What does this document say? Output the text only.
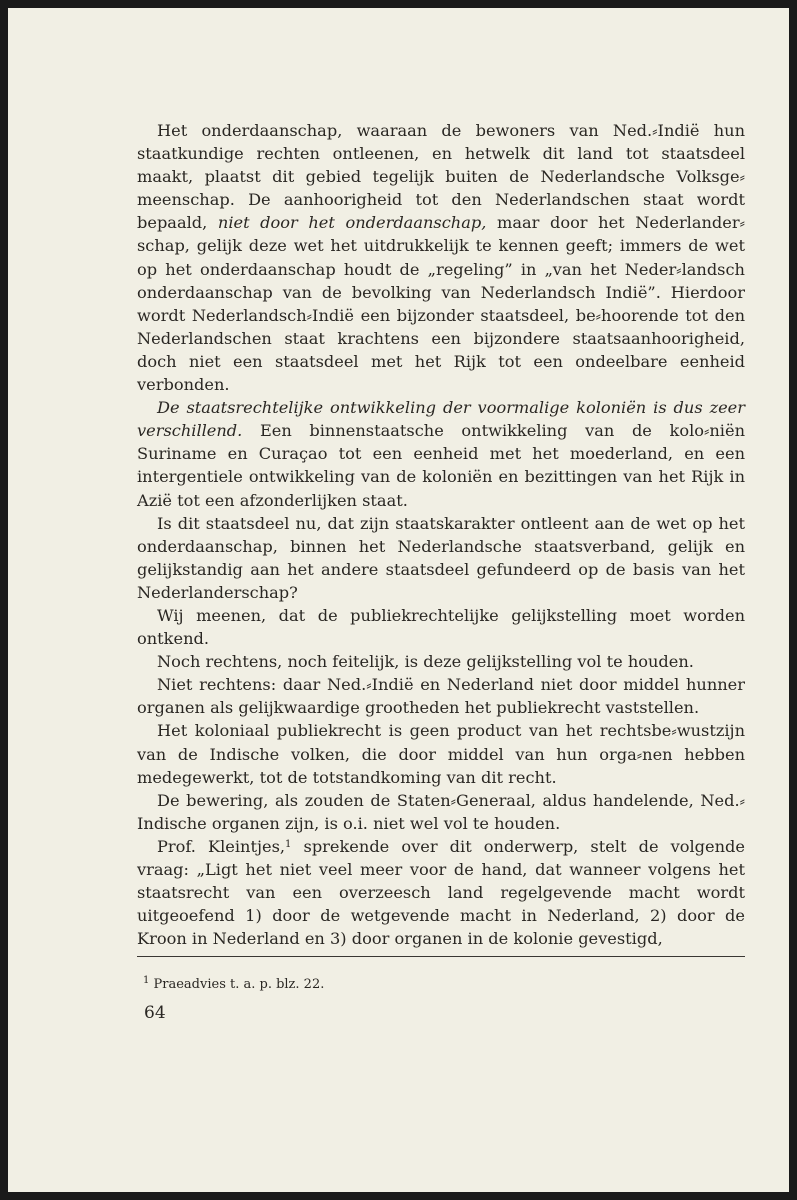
Het onderdaanschap, waaraan de bewoners van Ned.⸗Indië hun staatkundige rechten ontleenen, en hetwelk dit land tot staatsdeel maakt, plaatst dit gebied tegelijk buiten de Nederlandsche Volksge⸗meenschap. De aanhoorigheid tot den Nederlandschen staat wordt bepaald, niet door het onderdaanschap, maar door het Nederlander⸗schap, gelijk deze wet het uitdrukkelijk te kennen geeft; immers de wet op het onderdaanschap houdt de „regeling” in „van het Neder⸗landsch onderdaanschap van de bevolking van Nederlandsch Indië”. Hierdoor wordt Nederlandsch⸗Indië een bijzonder staatsdeel, be⸗hoorende tot den Nederlandschen staat krachtens een bijzondere staatsaanhoorigheid, doch niet een staatsdeel met het Rijk tot een ondeelbare eenheid verbonden.

De staatsrechtelijke ontwikkeling der voormalige koloniën is dus zeer verschillend. Een binnenstaatsche ontwikkeling van de kolo⸗niën Suriname en Curaçao tot een eenheid met het moederland, en een intergentiele ontwikkeling van de koloniën en bezittingen van het Rijk in Azië tot een afzonderlijken staat.

Is dit staatsdeel nu, dat zijn staatskarakter ontleent aan de wet op het onderdaanschap, binnen het Nederlandsche staatsverband, gelijk en gelijkstandig aan het andere staatsdeel gefundeerd op de basis van het Nederlanderschap?

Wij meenen, dat de publiekrechtelijke gelijkstelling moet worden ontkend.

Noch rechtens, noch feitelijk, is deze gelijkstelling vol te houden.

Niet rechtens: daar Ned.⸗Indië en Nederland niet door middel hunner organen als gelijkwaardige grootheden het publiekrecht vaststellen.

Het koloniaal publiekrecht is geen product van het rechtsbe⸗wustzijn van de Indische volken, die door middel van hun orga⸗nen hebben medegewerkt, tot de totstandkoming van dit recht.

De bewering, als zouden de Staten⸗Generaal, aldus handelende, Ned.⸗Indische organen zijn, is o.i. niet wel vol te houden.

Prof. Kleintjes,$^1$ sprekende over dit onderwerp, stelt de volgende vraag: „Ligt het niet veel meer voor de hand, dat wanneer volgens het staatsrecht van een overzeesch land regelgevende macht wordt uitgeoefend 1) door de wetgevende macht in Nederland, 2) door de Kroon in Nederland en 3) door organen in de kolonie gevestigd,

$^1$ Praeadvies t. a. p. blz. 22.
64
